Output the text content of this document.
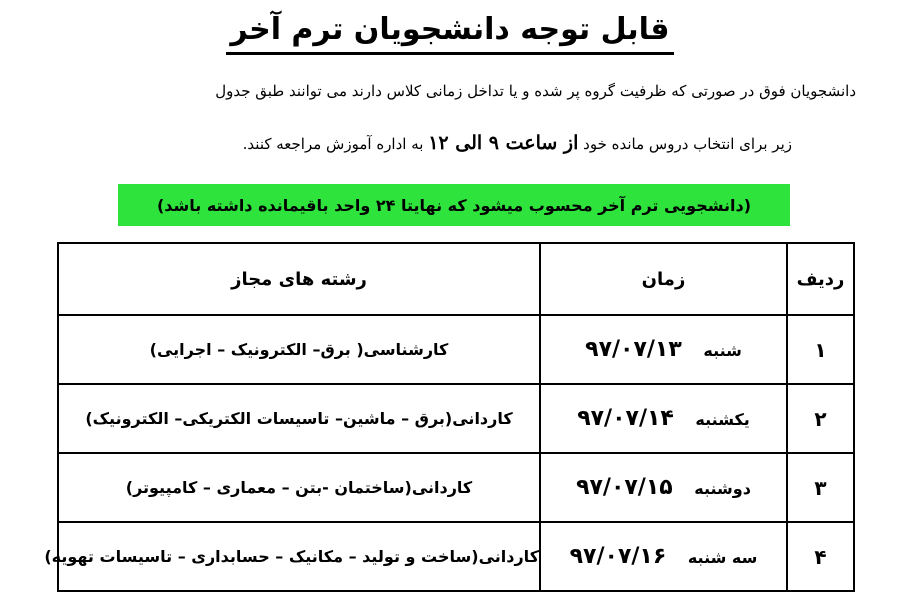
قابل توجه دانشجویان ترم آخر
دانشجویان فوق در صورتی که ظرفیت گروه پر شده و یا تداخل زمانی کلاس دارند می توانند طبق جدول
زیر برای انتخاب دروس مانده خود از ساعت ۹ الی ۱۲ به اداره آموزش مراجعه کنند.
(دانشجویی ترم آخر محسوب میشود که نهایتا ۲۴ واحد باقیمانده داشته باشد)
ردیف	زمان	رشته های مجاز
۱	شنبه ۹۷/۰۷/۱۳	کارشناسی( برق– الکترونیک – اجرایی)
۲	یکشنبه ۹۷/۰۷/۱۴	کاردانی(برق – ماشین– تاسیسات الکتریکی– الکترونیک)
۳	دوشنبه ۹۷/۰۷/۱۵	کاردانی(ساختمان -بتن – معماری – کامپیوتر)
۴	سه شنبه ۹۷/۰۷/۱۶	کاردانی(ساخت و تولید – مکانیک – حسابداری – تاسیسات تهویه)
